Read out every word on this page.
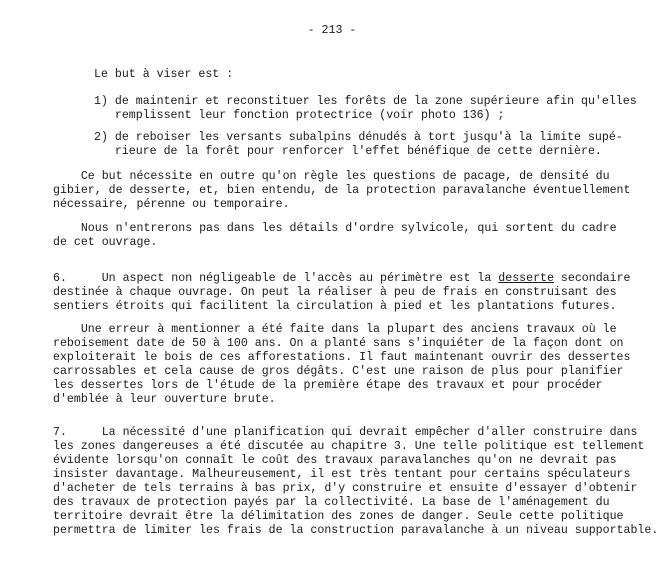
- 213 -
Le but à viser est :
1) de maintenir et reconstituer les forêts de la zone supérieure afin qu'elles
remplissent leur fonction protectrice (voir photo 136) ;
2) de reboiser les versants subalpins dénudés à tort jusqu'à la limite supé-
rieure de la forêt pour renforcer l'effet bénéfique de cette dernière.
Ce but nécessite en outre qu'on règle les questions de pacage, de densité du
gibier, de desserte, et, bien entendu, de la protection paravalanche éventuellement
nécessaire, pérenne ou temporaire.
Nous n'entrerons pas dans les détails d'ordre sylvicole, qui sortent du cadre
de cet ouvrage.
6.     Un aspect non négligeable de l'accès au périmètre est la desserte secondaire
destinée à chaque ouvrage. On peut la réaliser à peu de frais en construisant des
sentiers étroits qui facilitent la circulation à pied et les plantations futures.
Une erreur à mentionner a été faite dans la plupart des anciens travaux où le
reboisement date de 50 à 100 ans. On a planté sans s'inquiéter de la façon dont on
exploiterait le bois de ces afforestations. Il faut maintenant ouvrir des dessertes
carrossables et cela cause de gros dégâts. C'est une raison de plus pour planifier
les dessertes lors de l'étude de la première étape des travaux et pour procéder
d'emblée à leur ouverture brute.
7.     La nécessité d'une planification qui devrait empêcher d'aller construire dans
les zones dangereuses a été discutée au chapitre 3. Une telle politique est tellement
évidente lorsqu'on connaît le coût des travaux paravalanches qu'on ne devrait pas
insister davantage. Malheureusement, il est très tentant pour certains spéculateurs
d'acheter de tels terrains à bas prix, d'y construire et ensuite d'essayer d'obtenir
des travaux de protection payés par la collectivité. La base de l'aménagement du
territoire devrait être la délimitation des zones de danger. Seule cette politique
permettra de limiter les frais de la construction paravalanche à un niveau supportable.
